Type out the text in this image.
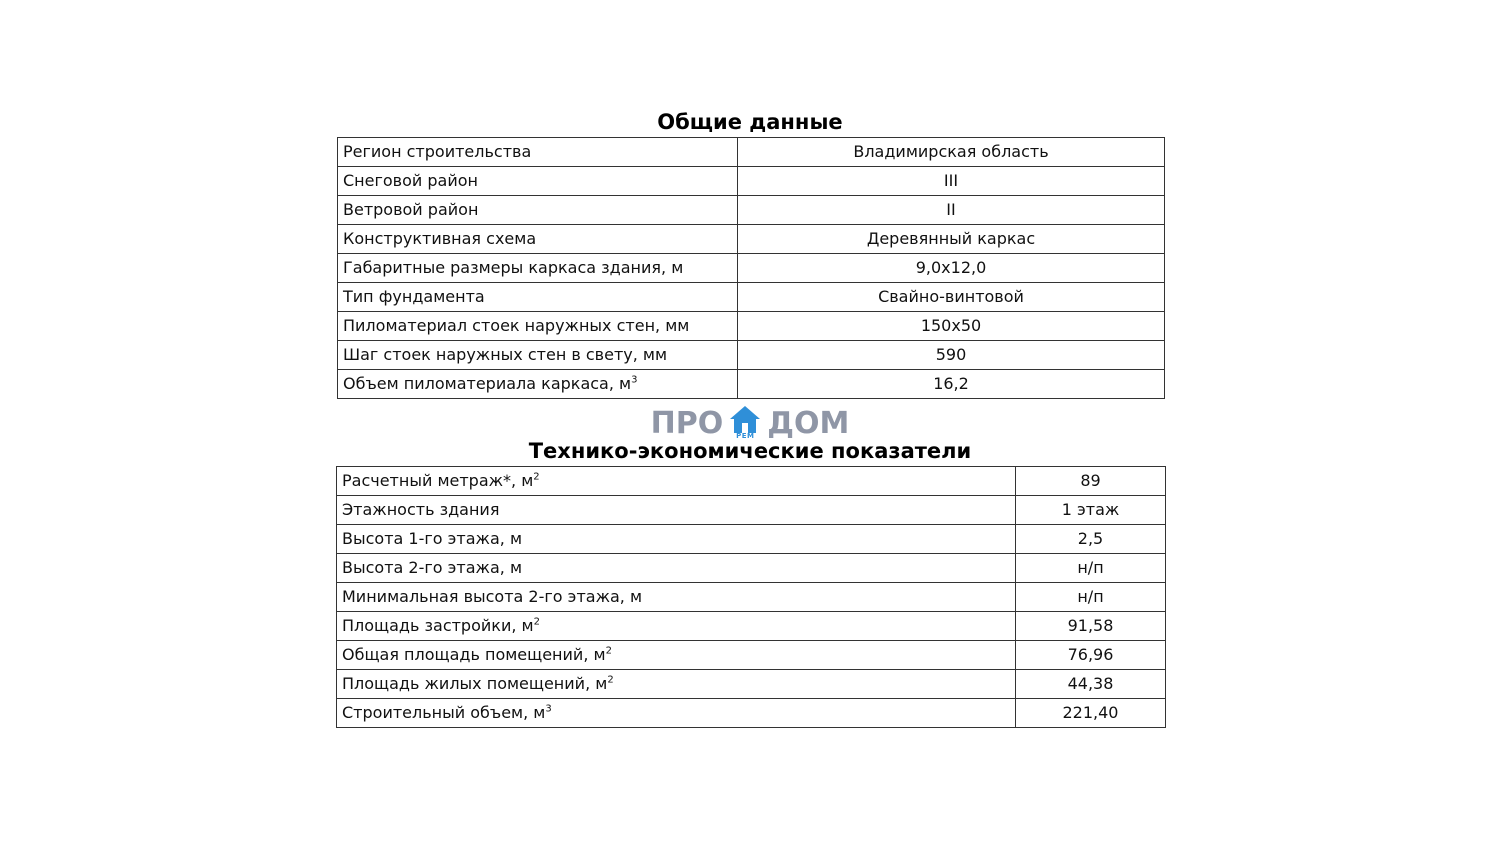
Общие данные
Регион строительства	Владимирская область
Снеговой район	III
Ветровой район	II
Конструктивная схема	Деревянный каркас
Габаритные размеры каркаса здания, м	9,0х12,0
Тип фундамента	Свайно-винтовой
Пиломатериал стоек наружных стен, мм	150х50
Шаг стоек наружных стен в свету, мм	590
Объем пиломатериала каркаса, $м^3$	16,2
ПРО	РЕМ ДОМ
Технико-экономические показатели
Расчетный метраж*, $м^2$	89
Этажность здания	1 этаж
Высота 1-го этажа, м	2,5
Высота 2-го этажа, м	н/п
Минимальная высота 2-го этажа, м	н/п
Площадь застройки, $м^2$	91,58
Общая площадь помещений, $м^2$	76,96
Площадь жилых помещений, $м^2$	44,38
Строительный объем, $м^3$	221,40
